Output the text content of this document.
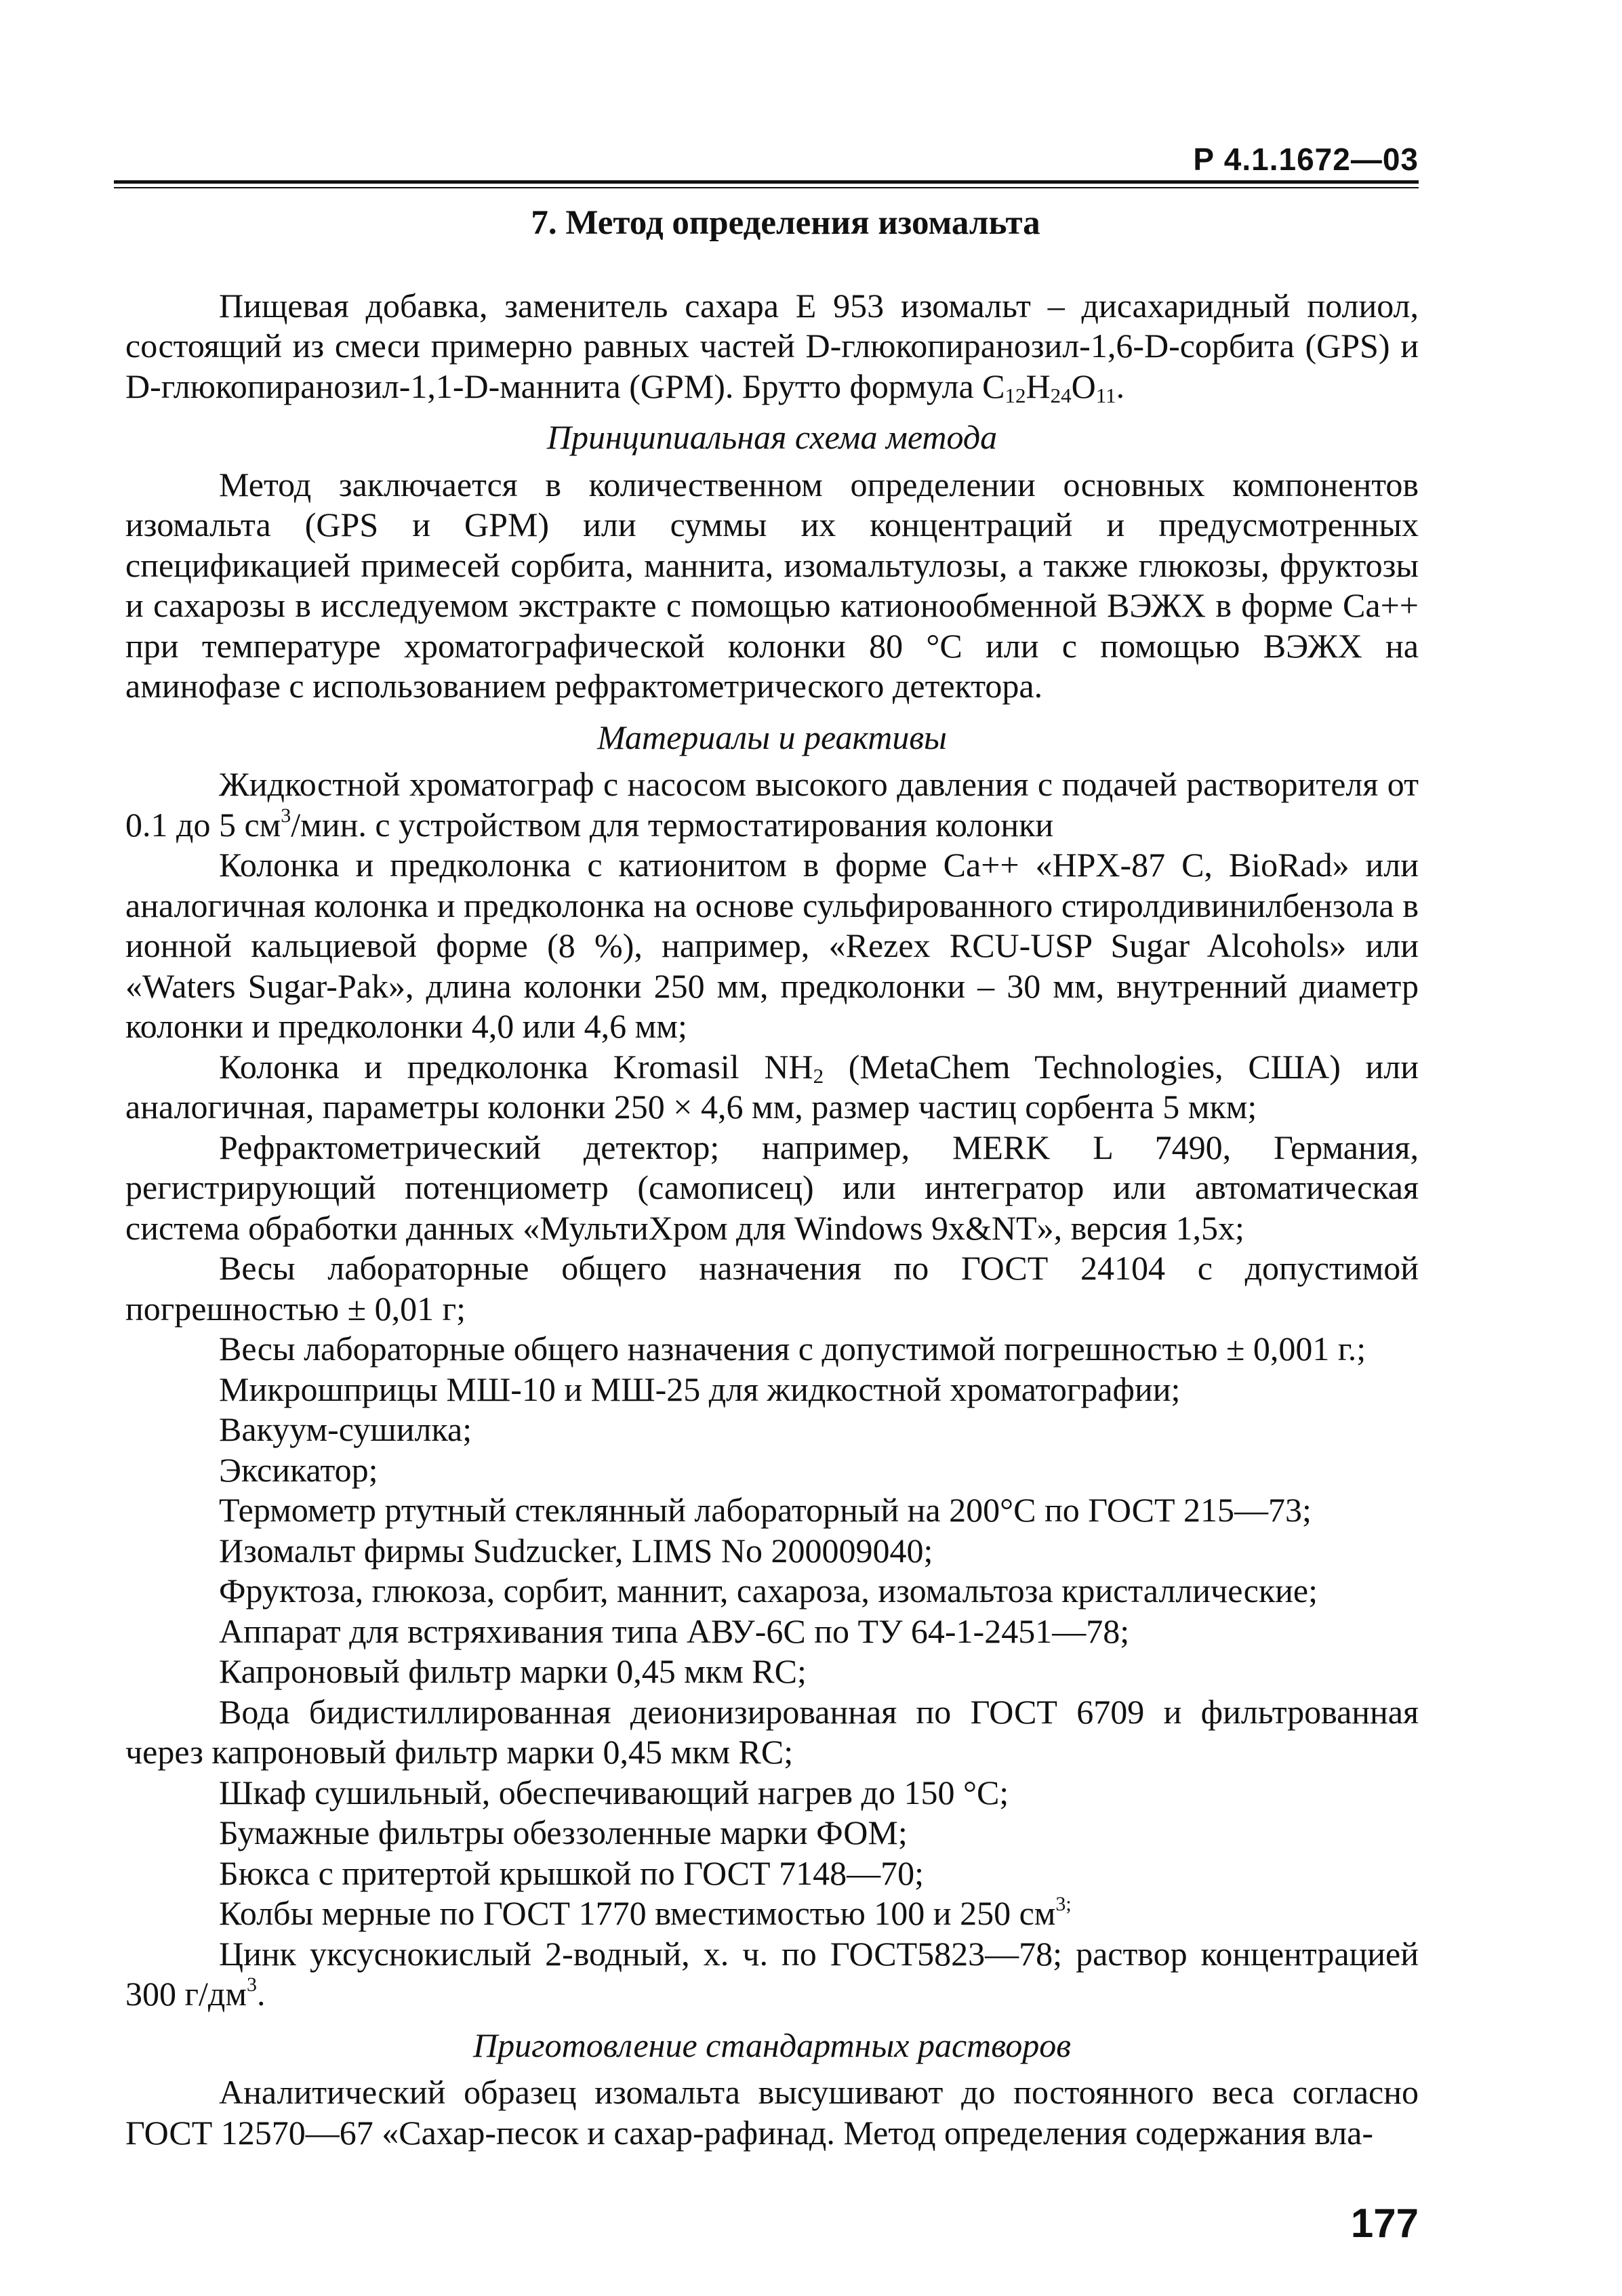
Р 4.1.1672—03
7. Метод определения изомальта

Пищевая добавка, заменитель сахара Е 953 изомальт – дисахаридный полиол, состоящий из смеси примерно равных частей D-глюкопиранозил-1,6-D-сорбита (GPS) и D-глюкопиранозил-1,1-D-маннита (GPM). Брутто формула $C_{12}H_{24}O_{11}$.

Принципиальная схема метода

Метод заключается в количественном определении основных компонентов изомальта (GPS и GPM) или суммы их концентраций и предусмотренных спецификацией примесей сорбита, маннита, изомальтулозы, а также глюкозы, фруктозы и сахарозы в исследуемом экстракте с помощью катионообменной ВЭЖХ в форме Ca++ при температуре хроматографической колонки 80 °C или с помощью ВЭЖХ на аминофазе с использованием рефрактометрического детектора.

Материалы и реактивы

Жидкостной хроматограф с насосом высокого давления с подачей растворителя от 0.1 до 5 $см^3$/мин. с устройством для термостатирования колонки

Колонка и предколонка с катионитом в форме Ca++ «HPX-87 C, BioRad» или аналогичная колонка и предколонка на основе сульфированного стиролдивинилбензола в ионной кальциевой форме (8 %), например, «Rezex RCU-USP Sugar Alcohols» или «Waters Sugar-Pak», длина колонки 250 мм, предколонки – 30 мм, внутренний диаметр колонки и предколонки 4,0 или 4,6 мм;

Колонка и предколонка Kromasil $NH_2$ (MetaChem Technologies, США) или аналогичная, параметры колонки 250 × 4,6 мм, размер частиц сорбента 5 мкм;

Рефрактометрический детектор; например, MERK L 7490, Германия, регистрирующий потенциометр (самописец) или интегратор или автоматическая система обработки данных «МультиХром для Windows 9x&NT», версия 1,5x;

Весы лабораторные общего назначения по ГОСТ 24104 с допустимой погрешностью ± 0,01 г;

Весы лабораторные общего назначения с допустимой погрешностью ± 0,001 г.;

Микрошприцы МШ-10 и МШ-25 для жидкостной хроматографии;

Вакуум-сушилка;

Эксикатор;

Термометр ртутный стеклянный лабораторный на 200°С по ГОСТ 215—73;

Изомальт фирмы Sudzucker, LIMS No 200009040;

Фруктоза, глюкоза, сорбит, маннит, сахароза, изомальтоза кристаллические;

Аппарат для встряхивания типа АВУ-6С по ТУ 64-1-2451—78;

Капроновый фильтр марки 0,45 мкм RC;

Вода бидистиллированная деионизированная по ГОСТ 6709 и фильтрованная через капроновый фильтр марки 0,45 мкм RC;

Шкаф сушильный, обеспечивающий нагрев до 150 °С;

Бумажные фильтры обеззоленные марки ФОМ;

Бюкса с притертой крышкой по ГОСТ 7148—70;

Колбы мерные по ГОСТ 1770 вместимостью 100 и 250 $см^{3;}$

Цинк уксуснокислый 2-водный, х. ч. по ГОСТ5823—78; раствор концентрацией 300 $г/дм^3$.

Приготовление стандартных растворов

Аналитический образец изомальта высушивают до постоянного веса согласно ГОСТ 12570—67 «Сахар-песок и сахар-рафинад. Метод определения содержания вла-

177
